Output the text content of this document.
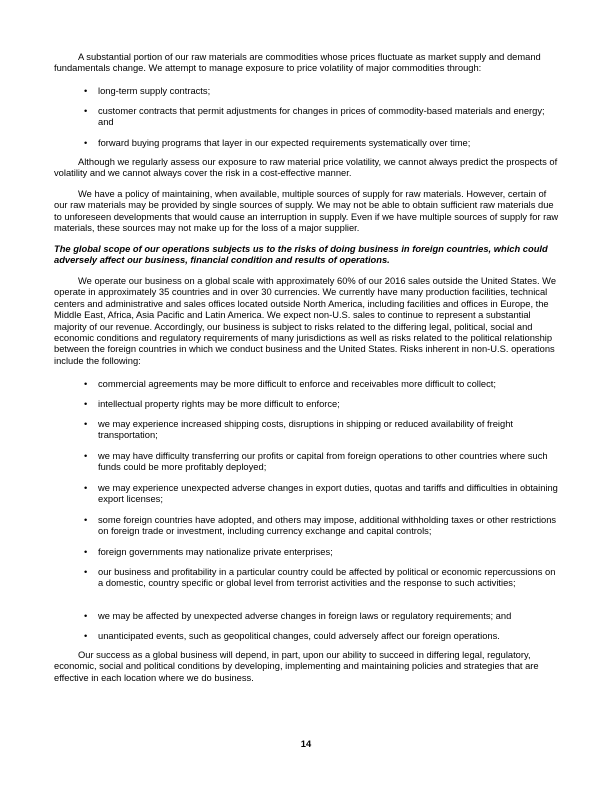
A substantial portion of our raw materials are commodities whose prices fluctuate as market supply and demand fundamentals change. We attempt to manage exposure to price volatility of major commodities through:

• long-term supply contracts;
• customer contracts that permit adjustments for changes in prices of commodity-based materials and energy; and
• forward buying programs that layer in our expected requirements systematically over time;

Although we regularly assess our exposure to raw material price volatility, we cannot always predict the prospects of volatility and we cannot always cover the risk in a cost-effective manner.

We have a policy of maintaining, when available, multiple sources of supply for raw materials. However, certain of our raw materials may be provided by single sources of supply. We may not be able to obtain sufficient raw materials due to unforeseen developments that would cause an interruption in supply. Even if we have multiple sources of supply for raw materials, these sources may not make up for the loss of a major supplier.

The global scope of our operations subjects us to the risks of doing business in foreign countries, which could adversely affect our business, financial condition and results of operations.

We operate our business on a global scale with approximately 60% of our 2016 sales outside the United States. We operate in approximately 35 countries and in over 30 currencies. We currently have many production facilities, technical centers and administrative and sales offices located outside North America, including facilities and offices in Europe, the Middle East, Africa, Asia Pacific and Latin America. We expect non-U.S. sales to continue to represent a substantial majority of our revenue. Accordingly, our business is subject to risks related to the differing legal, political, social and economic conditions and regulatory requirements of many jurisdictions as well as risks related to the political relationship between the foreign countries in which we conduct business and the United States. Risks inherent in non-U.S. operations include the following:

• commercial agreements may be more difficult to enforce and receivables more difficult to collect;
• intellectual property rights may be more difficult to enforce;
• we may experience increased shipping costs, disruptions in shipping or reduced availability of freight transportation;
• we may have difficulty transferring our profits or capital from foreign operations to other countries where such funds could be more profitably deployed;
• we may experience unexpected adverse changes in export duties, quotas and tariffs and difficulties in obtaining export licenses;
• some foreign countries have adopted, and others may impose, additional withholding taxes or other restrictions on foreign trade or investment, including currency exchange and capital controls;
• foreign governments may nationalize private enterprises;
• our business and profitability in a particular country could be affected by political or economic repercussions on a domestic, country specific or global level from terrorist activities and the response to such activities;
• we may be affected by unexpected adverse changes in foreign laws or regulatory requirements; and
• unanticipated events, such as geopolitical changes, could adversely affect our foreign operations.

Our success as a global business will depend, in part, upon our ability to succeed in differing legal, regulatory, economic, social and political conditions by developing, implementing and maintaining policies and strategies that are effective in each location where we do business.

14
